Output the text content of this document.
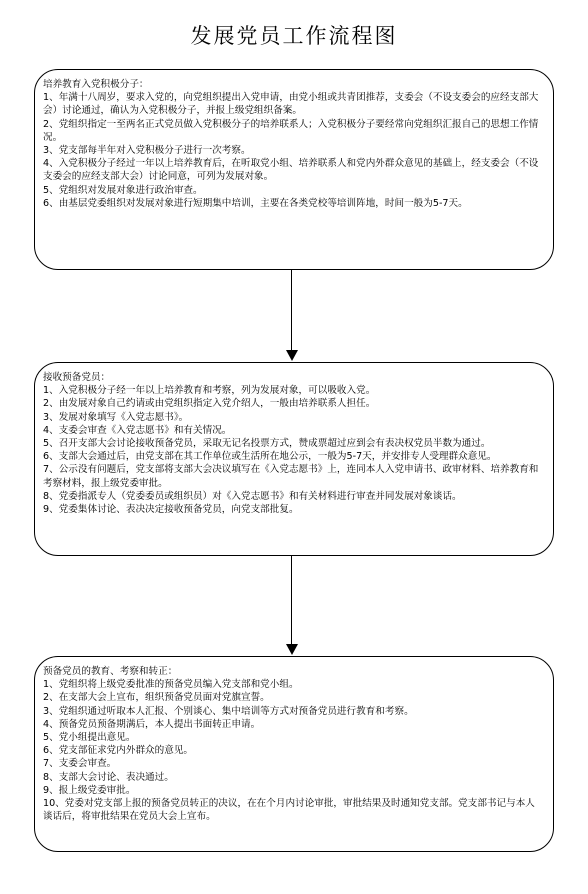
发展党员工作流程图
培养教育入党积极分子：
1、年满十八周岁，要求入党的，向党组织提出入党申请，由党小组或共青团推荐，支委会（不设支委会的应经支部大会）讨论通过，确认为入党积极分子，并报上级党组织备案。
2、党组织指定一至两名正式党员做入党积极分子的培养联系人；入党积极分子要经常向党组织汇报自己的思想工作情况。
3、党支部每半年对入党积极分子进行一次考察。
4、入党积极分子经过一年以上培养教育后，在听取党小组、培养联系人和党内外群众意见的基础上，经支委会（不设支委会的应经支部大会）讨论同意，可列为发展对象。
5、党组织对发展对象进行政治审查。
6、由基层党委组织对发展对象进行短期集中培训，主要在各类党校等培训阵地，时间一般为5-7天。
接收预备党员：
1、入党积极分子经一年以上培养教育和考察，列为发展对象，可以吸收入党。
2、由发展对象自己约请或由党组织指定入党介绍人，一般由培养联系人担任。
3、发展对象填写《入党志愿书》。
4、支委会审查《入党志愿书》和有关情况。
5、召开支部大会讨论接收预备党员，采取无记名投票方式，赞成票超过应到会有表决权党员半数为通过。
6、支部大会通过后，由党支部在其工作单位或生活所在地公示，一般为5-7天，并安排专人受理群众意见。
7、公示没有问题后，党支部将支部大会决议填写在《入党志愿书》上，连同本人入党申请书、政审材料、培养教育和考察材料，报上级党委审批。
8、党委指派专人（党委委员或组织员）对《入党志愿书》和有关材料进行审查并同发展对象谈话。
9、党委集体讨论、表决决定接收预备党员，向党支部批复。
预备党员的教育、考察和转正：
1、党组织将上级党委批准的预备党员编入党支部和党小组。
2、在支部大会上宣布，组织预备党员面对党旗宣誓。
3、党组织通过听取本人汇报、个别谈心、集中培训等方式对预备党员进行教育和考察。
4、预备党员预备期满后，本人提出书面转正申请。
5、党小组提出意见。
6、党支部征求党内外群众的意见。
7、支委会审查。
8、支部大会讨论、表决通过。
9、报上级党委审批。
10、党委对党支部上报的预备党员转正的决议，在在个月内讨论审批，审批结果及时通知党支部。党支部书记与本人谈话后，将审批结果在党员大会上宣布。
